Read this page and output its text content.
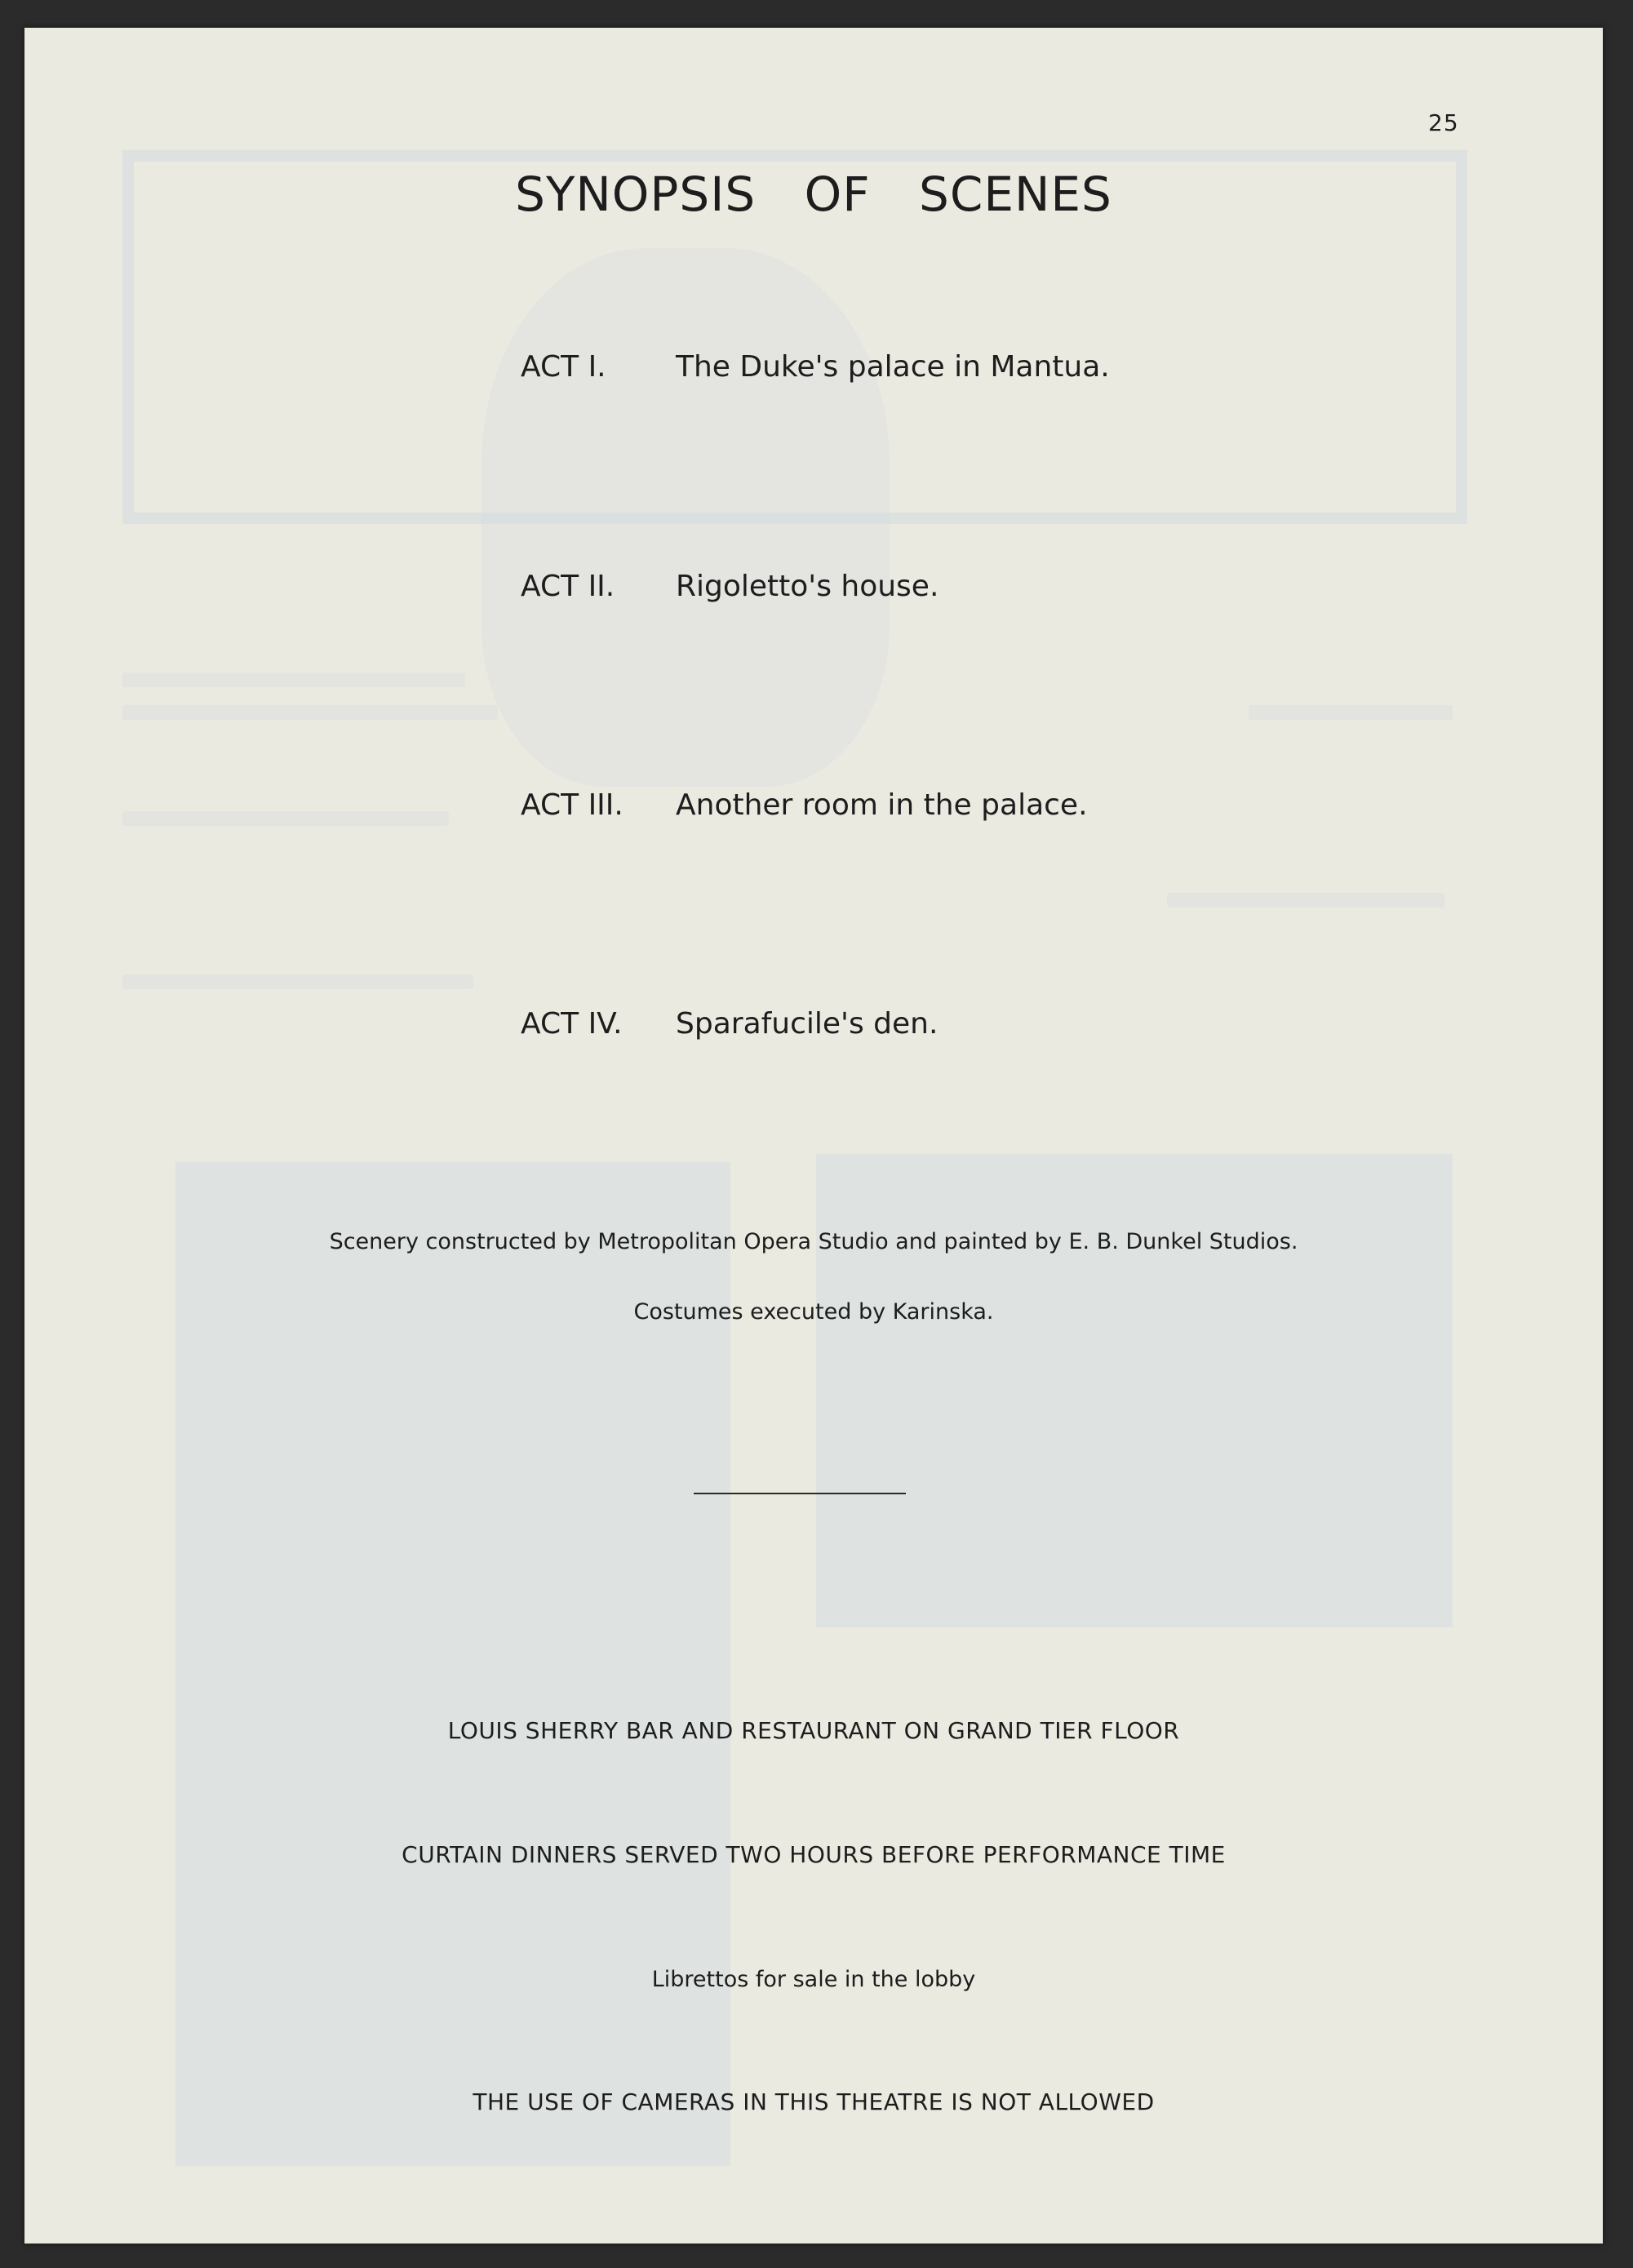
25
SYNOPSIS OF SCENES
ACT I.	The Duke's palace in Mantua.
ACT II.	Rigoletto's house.
ACT III.	Another room in the palace.
ACT IV.	Sparafucile's den.
Scenery constructed by Metropolitan Opera Studio and painted by E. B. Dunkel Studios.
Costumes executed by Karinska.
LOUIS SHERRY BAR AND RESTAURANT ON GRAND TIER FLOOR
CURTAIN DINNERS SERVED TWO HOURS BEFORE PERFORMANCE TIME
Librettos for sale in the lobby
THE USE OF CAMERAS IN THIS THEATRE IS NOT ALLOWED
